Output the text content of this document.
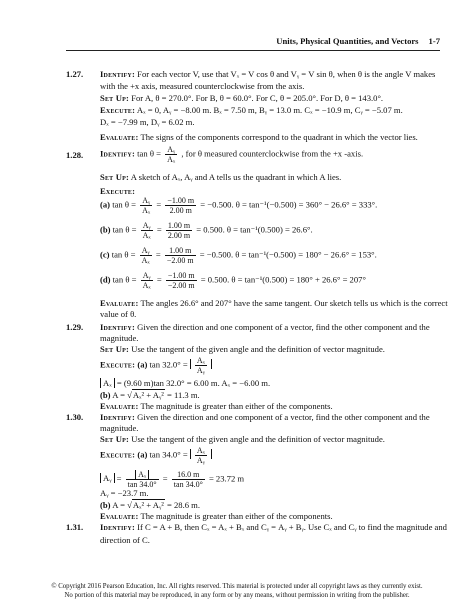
Units, Physical Quantities, and Vectors 1-7
1.27. Identify: For each vector V, use that Vₓ = V cos θ and Vᵧ = V sin θ, when θ is the angle V makes
with the +x axis, measured counterclockwise from the axis.
Set Up: For A, θ = 270.0°. For B, θ = 60.0°. For C, θ = 205.0°. For D, θ = 143.0°.
Execute: Aₓ = 0, Aᵧ = −8.00 m. Bₓ = 7.50 m, Bᵧ = 13.0 m. Cₓ = −10.9 m, Cᵧ = −5.07 m.
Dₓ = −7.99 m, Dᵧ = 6.02 m.
Evaluate: The signs of the components correspond to the quadrant in which the vector lies.
1.28. Identify: $\tan \theta = \frac{\text{Aᵧ}}{\text{Aₓ}}$ , for θ measured counterclockwise from the +x -axis.
Set Up: A sketch of Aₓ, Aᵧ and A tells us the quadrant in which A lies.
Execute:
(a) $\tan \theta = \frac{\text{Aᵧ}}{\text{Aₓ}} = \frac{-1.00 m}{2.00 m} = -0.500$. θ = tan⁻¹(−0.500) = 360° − 26.6° = 333°.
(b) $\tan \theta = \frac{\text{Aᵧ}}{\text{Aₓ}} = \frac{1.00 m}{2.00 m} = 0.500$. θ = tan⁻¹(0.500) = 26.6°.
(c) $\tan \theta = \frac{\text{Aᵧ}}{\text{Aₓ}} = \frac{1.00 m}{-2.00 m} = -0.500$. θ = tan⁻¹(−0.500) = 180° − 26.6° = 153°.
(d) $\tan \theta = \frac{\text{Aᵧ}}{\text{Aₓ}} = \frac{-1.00 m}{-2.00 m} = 0.500$. θ = tan⁻¹(0.500) = 180° + 26.6° = 207°
Evaluate: The angles 26.6° and 207° have the same tangent. Our sketch tells us which is the correct
value of θ.
1.29. Identify: Given the direction and one component of a vector, find the other component and the
magnitude.
Set Up: Use the tangent of the given angle and the definition of vector magnitude.
Execute: (a) $\tan 32.0^\circ = \frac{\text{Aₓ}}{\text{Aᵧ}}$
Aₓ = (9.60 m)tan 32.0° = 6.00 m. Aₓ = −6.00 m.
(b) A = √Aₓ² + Aᵧ² = 11.3 m.
Evaluate: The magnitude is greater than either of the components.
1.30. Identify: Given the direction and one component of a vector, find the other component and the
magnitude.
Set Up: Use the tangent of the given angle and the definition of vector magnitude.
Execute: (a) $\tan 34.0^\circ = \frac{\text{Aₓ}}{\text{Aᵧ}}$
Aᵧ = $\frac{\text{Aₓ}}{\tan 34.0^\circ} = \frac{16.0 m}{\tan 34.0^\circ} = 23.72$ m
Aᵧ = −23.7 m.
(b) A = √Aₓ² + Aᵧ² = 28.6 m.
Evaluate: The magnitude is greater than either of the components.
1.31. Identify: If C = A + B, then Cₓ = Aₓ + Bₓ and Cᵧ = Aᵧ + Bᵧ. Use Cₓ and Cᵧ to find the magnitude and
direction of C.
© Copyright 2016 Pearson Education, Inc. All rights reserved. This material is protected under all copyright laws as they currently exist.
No portion of this material may be reproduced, in any form or by any means, without permission in writing from the publisher.
